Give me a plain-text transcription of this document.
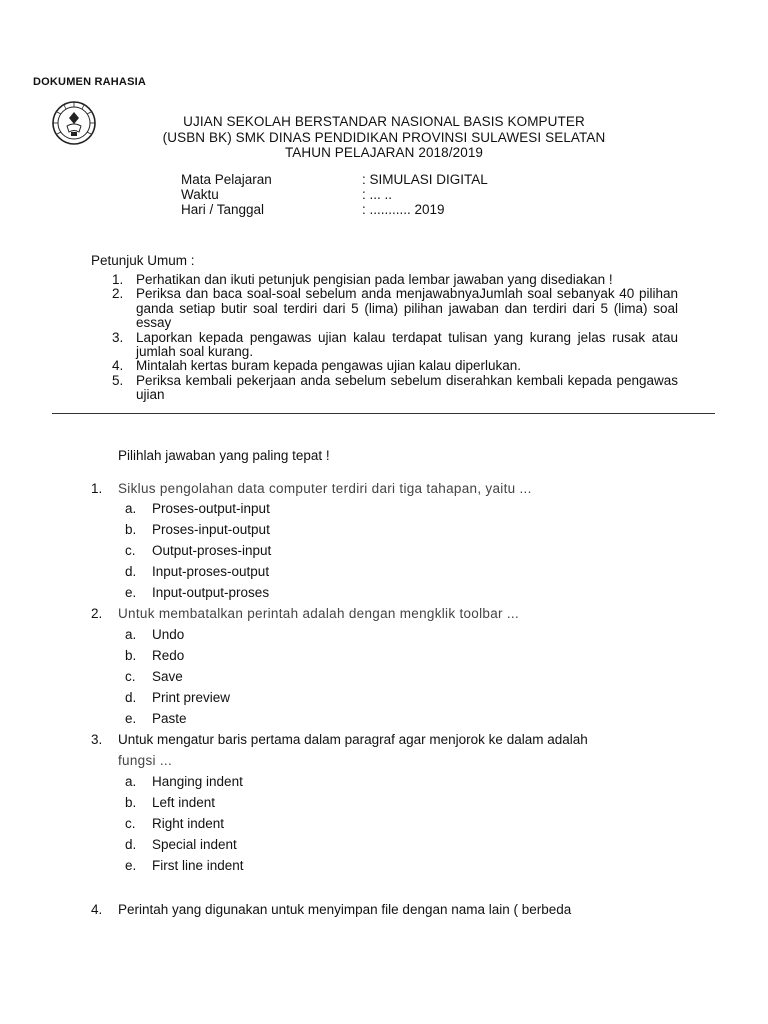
DOKUMEN RAHASIA
UJIAN SEKOLAH BERSTANDAR NASIONAL BASIS KOMPUTER
(USBN BK) SMK DINAS PENDIDIKAN PROVINSI SULAWESI SELATAN
TAHUN PELAJARAN 2018/2019
Mata Pelajaran	: SIMULASI DIGITAL
Waktu	: ... ..
Hari / Tanggal	: ........... 2019
Petunjuk Umum :
1. Perhatikan dan ikuti petunjuk pengisian pada lembar jawaban yang disediakan !
2. Periksa dan baca soal-soal sebelum anda menjawabnyaJumlah soal sebanyak 40 pilihan ganda setiap butir soal terdiri dari 5 (lima) pilihan jawaban dan terdiri dari 5 (lima) soal essay
3. Laporkan kepada pengawas ujian kalau terdapat tulisan yang kurang jelas rusak atau jumlah soal kurang.
4. Mintalah kertas buram kepada pengawas ujian kalau diperlukan.
5. Periksa kembali pekerjaan anda sebelum sebelum diserahkan kembali kepada pengawas ujian
Pilihlah jawaban yang paling tepat !
1. Siklus pengolahan data computer terdiri dari tiga tahapan, yaitu ...
a. Proses-output-input
b. Proses-input-output
c. Output-proses-input
d. Input-proses-output
e. Input-output-proses
2. Untuk membatalkan perintah adalah dengan mengklik toolbar ...
a. Undo
b. Redo
c. Save
d. Print preview
e. Paste
3. Untuk mengatur baris pertama dalam paragraf agar menjorok ke dalam adalah
fungsi ...
a. Hanging indent
b. Left indent
c. Right indent
d. Special indent
e. First line indent
4. Perintah yang digunakan untuk menyimpan file dengan nama lain ( berbeda
